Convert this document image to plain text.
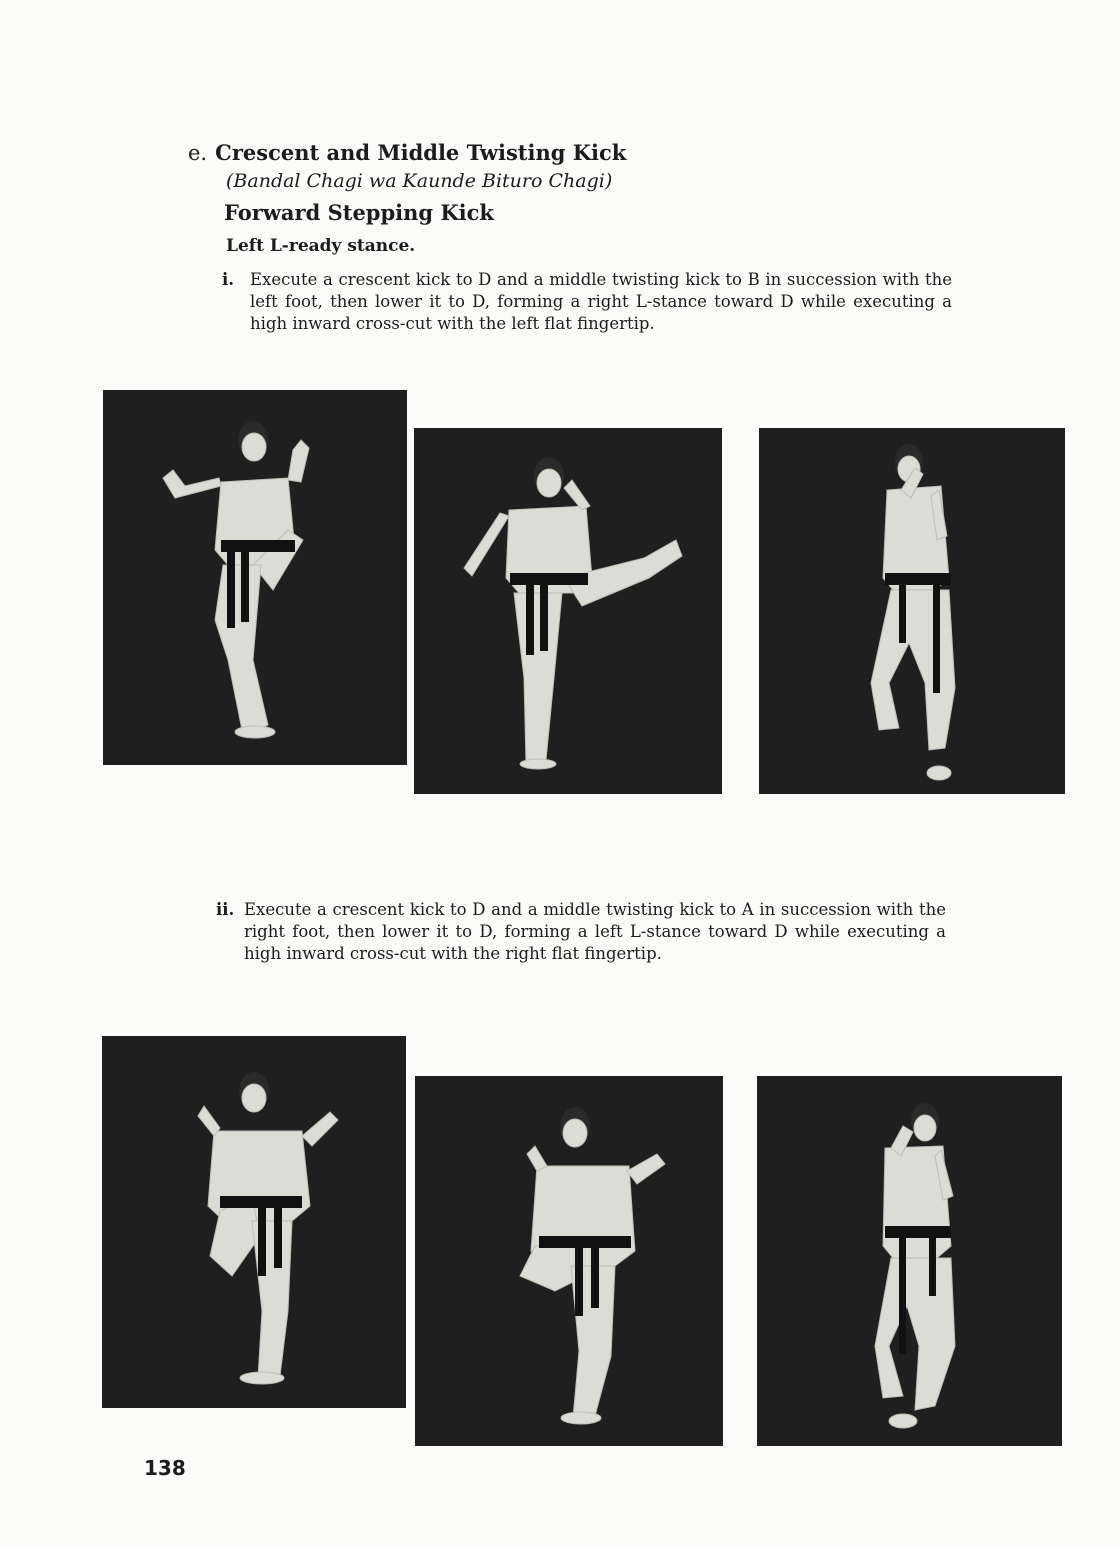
e. Crescent and Middle Twisting Kick
(Bandal Chagi wa Kaunde Bituro Chagi)
Forward Stepping Kick
Left L-ready stance.
i. Execute a crescent kick to D and a middle twisting kick to B in succession with the left foot, then lower it to D, forming a right L-stance toward D while executing a high inward cross-cut with the left flat fingertip.
ii. Execute a crescent kick to D and a middle twisting kick to A in succession with the right foot, then lower it to D, forming a left L-stance toward D while executing a high inward cross-cut with the right flat fingertip.
138
